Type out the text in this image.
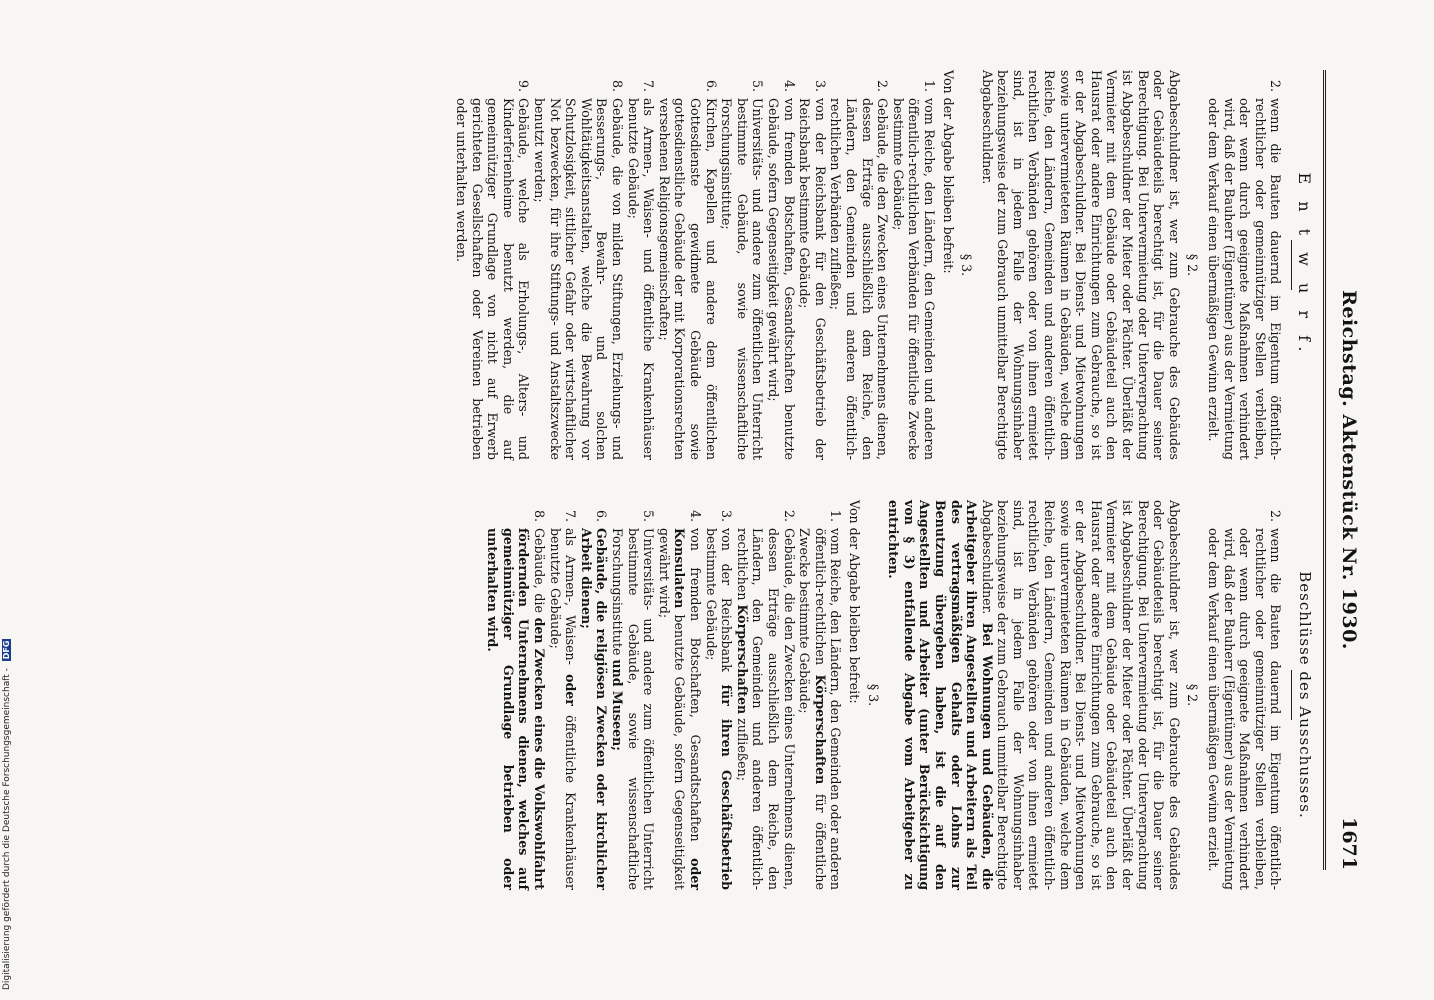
Reichstag. Aktenstück Nr. 1930.
1671
E n t w u r f.
2.
wenn die Bauten dauernd im Eigentum öffentlich-rechtlicher oder gemeinnütziger Stellen verbleiben, oder wenn durch geeignete Maßnahmen verhindert wird, daß der Bauherr (Eigentümer) aus der Vermietung oder dem Verkauf einen übermäßigen Gewinn erzielt.
§ 2.

Abgabeschuldner ist, wer zum Gebrauche des Gebäudes oder Gebäudeteils berechtigt ist, für die Dauer seiner Berechtigung. Bei Untervermietung oder Unterverpachtung ist Abgabeschuldner der Mieter oder Pächter. Überläßt der Vermieter mit dem Gebäude oder Gebäudeteil auch den Hausrat oder andere Einrichtungen zum Gebrauche, so ist er der Abgabeschuldner. Bei Dienst- und Mietwohnungen sowie untervermieteten Räumen in Gebäuden, welche dem Reiche, den Ländern, Gemeinden und anderen öffentlich-rechtlichen Verbänden gehören oder von ihnen ermietet sind, ist in jedem Falle der Wohnungsinhaber beziehungsweise der zum Gebrauch unmittelbar Berechtigte Abgabeschuldner.

§ 3.

Von der Abgabe bleiben befreit:

1.
vom Reiche, den Ländern, den Gemeinden und anderen öffentlich-rechtlichen Verbänden für öffentliche Zwecke bestimmte Gebäude;
2.
Gebäude, die den Zwecken eines Unternehmens dienen, dessen Erträge ausschließlich dem Reiche, den Ländern, den Gemeinden und anderen öffentlich-rechtlichen Verbänden zufließen;
3.
von der Reichsbank für den Geschäftsbetrieb der Reichsbank bestimmte Gebäude;
4.
von fremden Botschaften, Gesandtschaften benutzte Gebäude, sofern Gegenseitigkeit gewährt wird;
5.
Universitäts- und andere zum öffentlichen Unterricht bestimmte Gebäude, sowie wissenschaftliche Forschungsinstitute;
6.
Kirchen, Kapellen und andere dem öffentlichen Gottesdienste gewidmete Gebäude sowie gottesdienstliche Gebäude der mit Korporationsrechten versehenen Religionsgemeinschaften;
7.
als Armen-, Waisen- und öffentliche Krankenhäuser benutzte Gebäude;
8.
Gebäude, die von milden Stiftungen, Erziehungs- und Besserungs-, Bewahr- und solchen Wohltätigkeitsanstalten, welche die Bewahrung vor Schutzlosigkeit, sittlicher Gefahr oder wirtschaftlicher Not bezwecken, für ihre Stiftungs- und Anstaltszwecke benutzt werden;
9.
Gebäude, welche als Erholungs-, Alters- und Kinderferienheime benutzt werden, die auf gemeinnütziger Grundlage von nicht auf Erwerb gerichteten Gesellschaften oder Vereinen betrieben oder unterhalten werden.
Beschlüsse des Ausschusses.
2.
wenn die Bauten dauernd im Eigentum öffentlich-rechtlicher oder gemeinnütziger Stellen verbleiben, oder wenn durch geeignete Maßnahmen verhindert wird, daß der Bauherr (Eigentümer) aus der Vermietung oder dem Verkauf einen übermäßigen Gewinn erzielt.
§ 2.

Abgabeschuldner ist, wer zum Gebrauche des Gebäudes oder Gebäudeteils berechtigt ist, für die Dauer seiner Berechtigung. Bei Untervermietung oder Unterverpachtung ist Abgabeschuldner der Mieter oder Pächter. Überläßt der Vermieter mit dem Gebäude oder Gebäudeteil auch den Hausrat oder andere Einrichtungen zum Gebrauche, so ist er der Abgabeschuldner. Bei Dienst- und Mietwohnungen sowie untervermieteten Räumen in Gebäuden, welche dem Reiche, den Ländern, Gemeinden und anderen öffentlich-rechtlichen Verbänden gehören oder von ihnen ermietet sind, ist in jedem Falle der Wohnungsinhaber beziehungsweise der zum Gebrauch unmittelbar Berechtigte Abgabeschuldner. Bei Wohnungen und Gebäuden, die Arbeitgeber ihren Angestellten und Arbeitern als Teil des vertragsmäßigen Gehalts oder Lohns zur Benutzung übergeben haben, ist die auf den Angestellten und Arbeiter (unter Berücksichtigung von § 3) entfallende Abgabe vom Arbeitgeber zu entrichten.

§ 3.

Von der Abgabe bleiben befreit:

1.
vom Reiche, den Ländern, den Gemeinden oder anderen öffentlich-rechtlichen Körperschaften für öffentliche Zwecke bestimmte Gebäude;
2.
Gebäude, die den Zwecken eines Unternehmens dienen, dessen Erträge ausschließlich dem Reiche, den Ländern, den Gemeinden und anderen öffentlich-rechtlichen Körperschaften zufließen;
3.
von der Reichsbank für ihren Geschäftsbetrieb bestimmte Gebäude;
4.
von fremden Botschaften, Gesandtschaften oder Konsulaten benutzte Gebäude, sofern Gegenseitigkeit gewährt wird;
5.
Universitäts- und andere zum öffentlichen Unterricht bestimmte Gebäude, sowie wissenschaftliche Forschungsinstitute und Museen;
6.
Gebäude, die religiösen Zwecken oder kirchlicher Arbeit dienen;
7.
als Armen-, Waisen- oder öffentliche Krankenhäuser benutzte Gebäude;
8.
Gebäude, die den Zwecken eines die Volkswohlfahrt fördernden Unternehmens dienen, welches auf gemeinnütziger Grundlage betrieben oder unterhalten wird.
Digitalisierung gefördert durch die Deutsche Forschungsgemeinschaft - DFG
